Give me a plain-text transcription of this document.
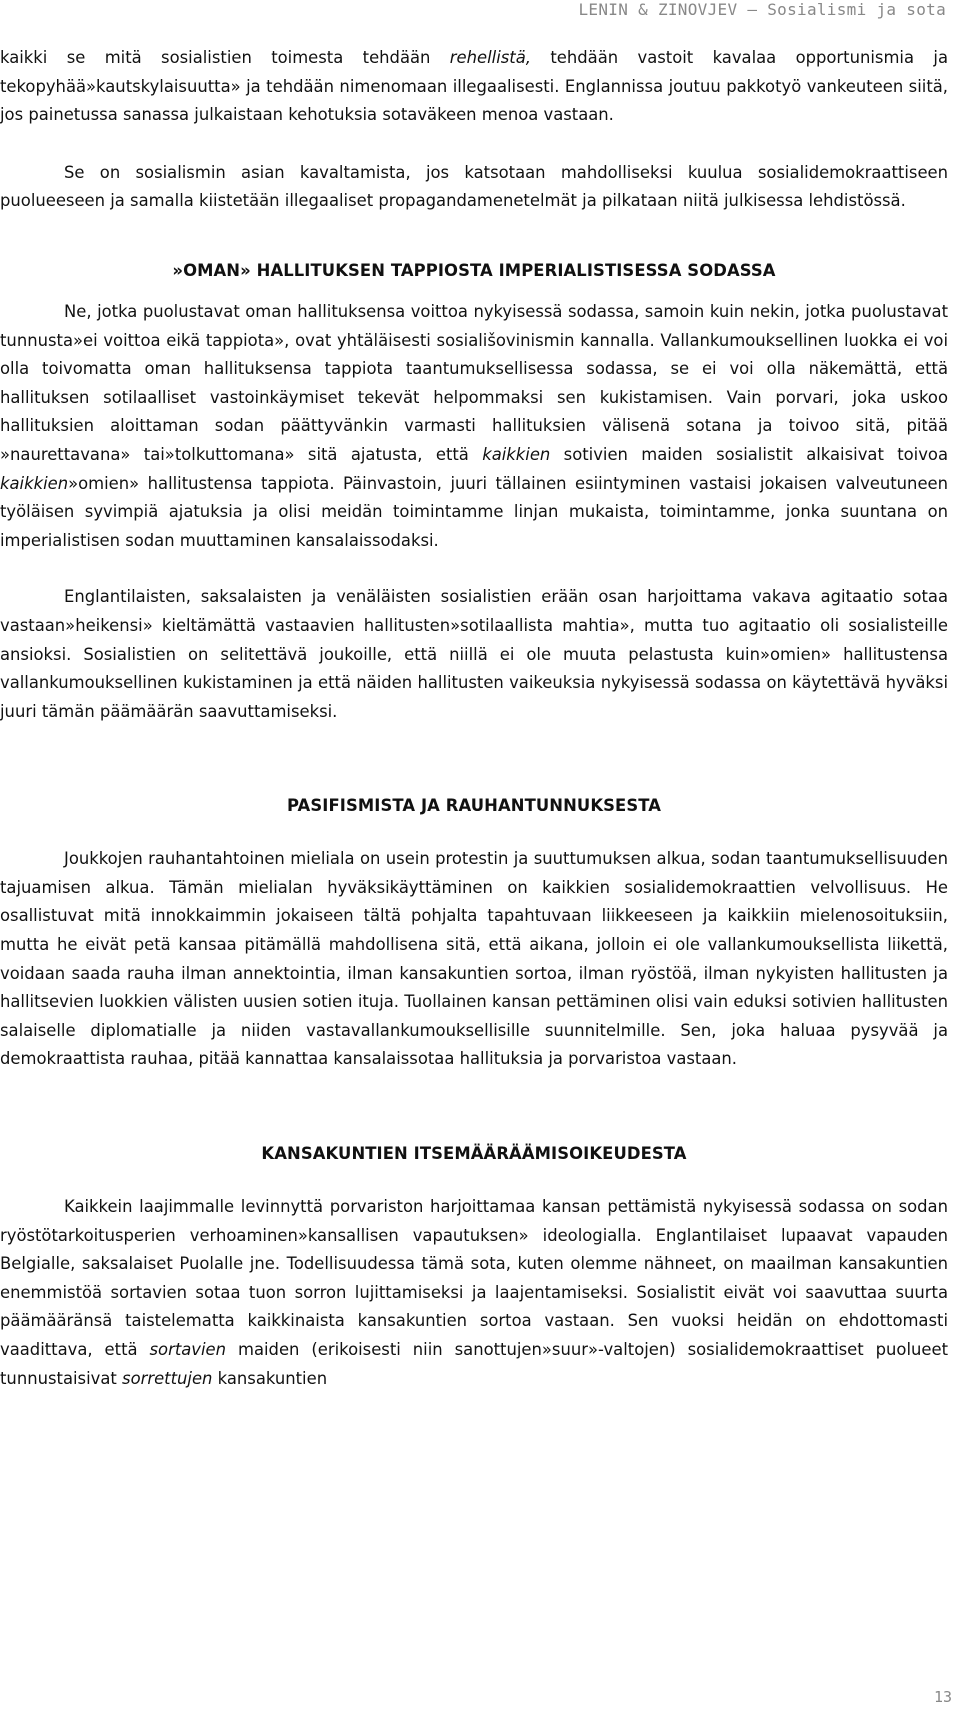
LENIN & ZINOVJEV – Sosialismi ja sota

kaikki se mitä sosialistien toimesta tehdään rehellistä, tehdään vastoit kavalaa opportunismia ja tekopyhää»kautskylaisuutta» ja tehdään nimenomaan illegaalisesti. Englannissa joutuu pakkotyö vankeuteen siitä, jos painetussa sanassa julkaistaan kehotuksia sotaväkeen menoa vastaan.

Se on sosialismin asian kavaltamista, jos katsotaan mahdolliseksi kuulua sosialidemokraattiseen puolueeseen ja samalla kiistetään illegaaliset propagandamenetelmät ja pilkataan niitä julkisessa lehdistössä.

»OMAN» HALLITUKSEN TAPPIOSTA IMPERIALISTISESSA SODASSA

Ne, jotka puolustavat oman hallituksensa voittoa nykyisessä sodassa, samoin kuin nekin, jotka puolustavat tunnusta»ei voittoa eikä tappiota», ovat yhtäläisesti sosiališovinismin kannalla. Vallankumouksellinen luokka ei voi olla toivomatta oman hallituksensa tappiota taantumuksellisessa sodassa, se ei voi olla näkemättä, että hallituksen sotilaalliset vastoinkäymiset tekevät helpommaksi sen kukistamisen. Vain porvari, joka uskoo hallituksien aloittaman sodan päättyvänkin varmasti hallituksien välisenä sotana ja toivoo sitä, pitää »naurettavana» tai»tolkuttomana» sitä ajatusta, että kaikkien sotivien maiden sosialistit alkaisivat toivoa kaikkien»omien» hallitustensa tappiota. Päinvastoin, juuri tällainen esiintyminen vastaisi jokaisen valveutuneen työläisen syvimpiä ajatuksia ja olisi meidän toimintamme linjan mukaista, toimintamme, jonka suuntana on imperialistisen sodan muuttaminen kansalaissodaksi.

Englantilaisten, saksalaisten ja venäläisten sosialistien erään osan harjoittama vakava agitaatio sotaa vastaan»heikensi» kieltämättä vastaavien hallitusten»sotilaallista mahtia», mutta tuo agitaatio oli sosialisteille ansioksi. Sosialistien on selitettävä joukoille, että niillä ei ole muuta pelastusta kuin»omien» hallitustensa vallankumouksellinen kukistaminen ja että näiden hallitusten vaikeuksia nykyisessä sodassa on käytettävä hyväksi juuri tämän päämäärän saavuttamiseksi.

PASIFISMISTA JA RAUHANTUNNUKSESTA

Joukkojen rauhantahtoinen mieliala on usein protestin ja suuttumuksen alkua, sodan taantumuksellisuuden tajuamisen alkua. Tämän mielialan hyväksikäyttäminen on kaikkien sosialidemokraattien velvollisuus. He osallistuvat mitä innokkaimmin jokaiseen tältä pohjalta tapahtuvaan liikkeeseen ja kaikkiin mielenosoituksiin, mutta he eivät petä kansaa pitämällä mahdollisena sitä, että aikana, jolloin ei ole vallankumouksellista liikettä, voidaan saada rauha ilman annektointia, ilman kansakuntien sortoa, ilman ryöstöä, ilman nykyisten hallitusten ja hallitsevien luokkien välisten uusien sotien ituja. Tuollainen kansan pettäminen olisi vain eduksi sotivien hallitusten salaiselle diplomatialle ja niiden vastavallankumouksellisille suunnitelmille. Sen, joka haluaa pysyvää ja demokraattista rauhaa, pitää kannattaa kansalaissotaa hallituksia ja porvaristoa vastaan.

KANSAKUNTIEN ITSEMÄÄRÄÄMISOIKEUDESTA

Kaikkein laajimmalle levinnyttä porvariston harjoittamaa kansan pettämistä nykyisessä sodassa on sodan ryöstötarkoitusperien verhoaminen»kansallisen vapautuksen» ideologialla. Englantilaiset lupaavat vapauden Belgialle, saksalaiset Puolalle jne. Todellisuudessa tämä sota, kuten olemme nähneet, on maailman kansakuntien enemmistöä sortavien sotaa tuon sorron lujittamiseksi ja laajentamiseksi. Sosialistit eivät voi saavuttaa suurta päämääränsä taistelematta kaikkinaista kansakuntien sortoa vastaan. Sen vuoksi heidän on ehdottomasti vaadittava, että sortavien maiden (erikoisesti niin sanottujen»suur»-valtojen) sosialidemokraattiset puolueet tunnustaisivat sorrettujen kansakuntien

13
